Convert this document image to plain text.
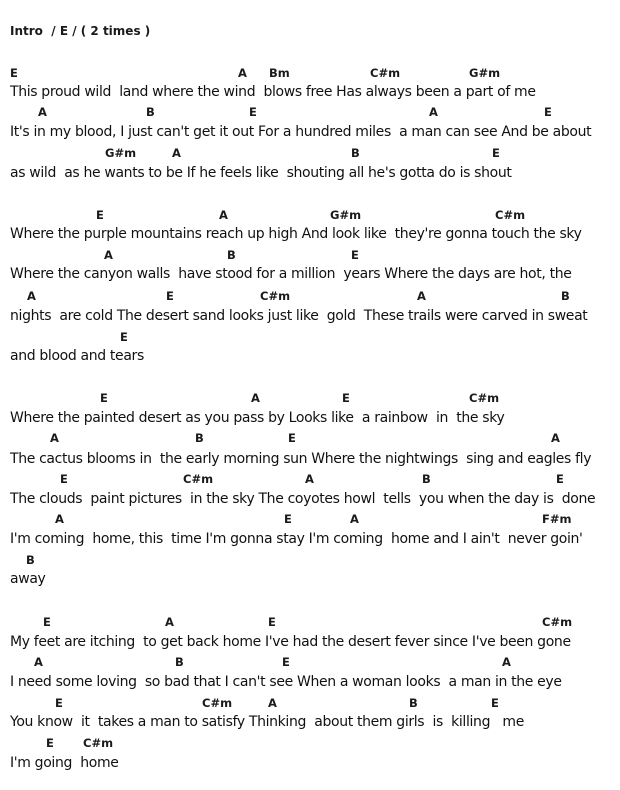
Intro  / E / ( 2 times )
E	A Bm	C#m	G#m
This proud wild  land where the wind  blows free Has always been a part of me
A	B	E	A	E
It's in my blood, I just can't get it out For a hundred miles  a man can see And be about
G#m	A	B	E
as wild  as he wants to be If he feels like  shouting all he's gotta do is shout
E	A	G#m	C#m
Where the purple mountains reach up high And look like  they're gonna touch the sky
A	B	E
Where the canyon walls  have stood for a million  years Where the days are hot, the
A	E	C#m	A	B
nights  are cold The desert sand looks just like  gold  These trails were carved in sweat
E
and blood and tears
E	A	E	C#m
Where the painted desert as you pass by Looks like  a rainbow  in  the sky
A	B	E	A
The cactus blooms in  the early morning sun Where the nightwings  sing and eagles fly
E	C#m	A	B	E
The clouds  paint pictures  in the sky The coyotes howl  tells  you when the day is  done
A	E	A	F#m
I'm coming  home, this  time I'm gonna stay I'm coming  home and I ain't  never goin'
B
away
E	A	E	C#m
My feet are itching  to get back home I've had the desert fever since I've been gone
A	B	E	A
I need some loving  so bad that I can't see When a woman looks  a man in the eye
E	C#m	A	B	E
You know  it  takes a man to satisfy Thinking  about them girls  is  killing   me
E	C#m
I'm going  home
